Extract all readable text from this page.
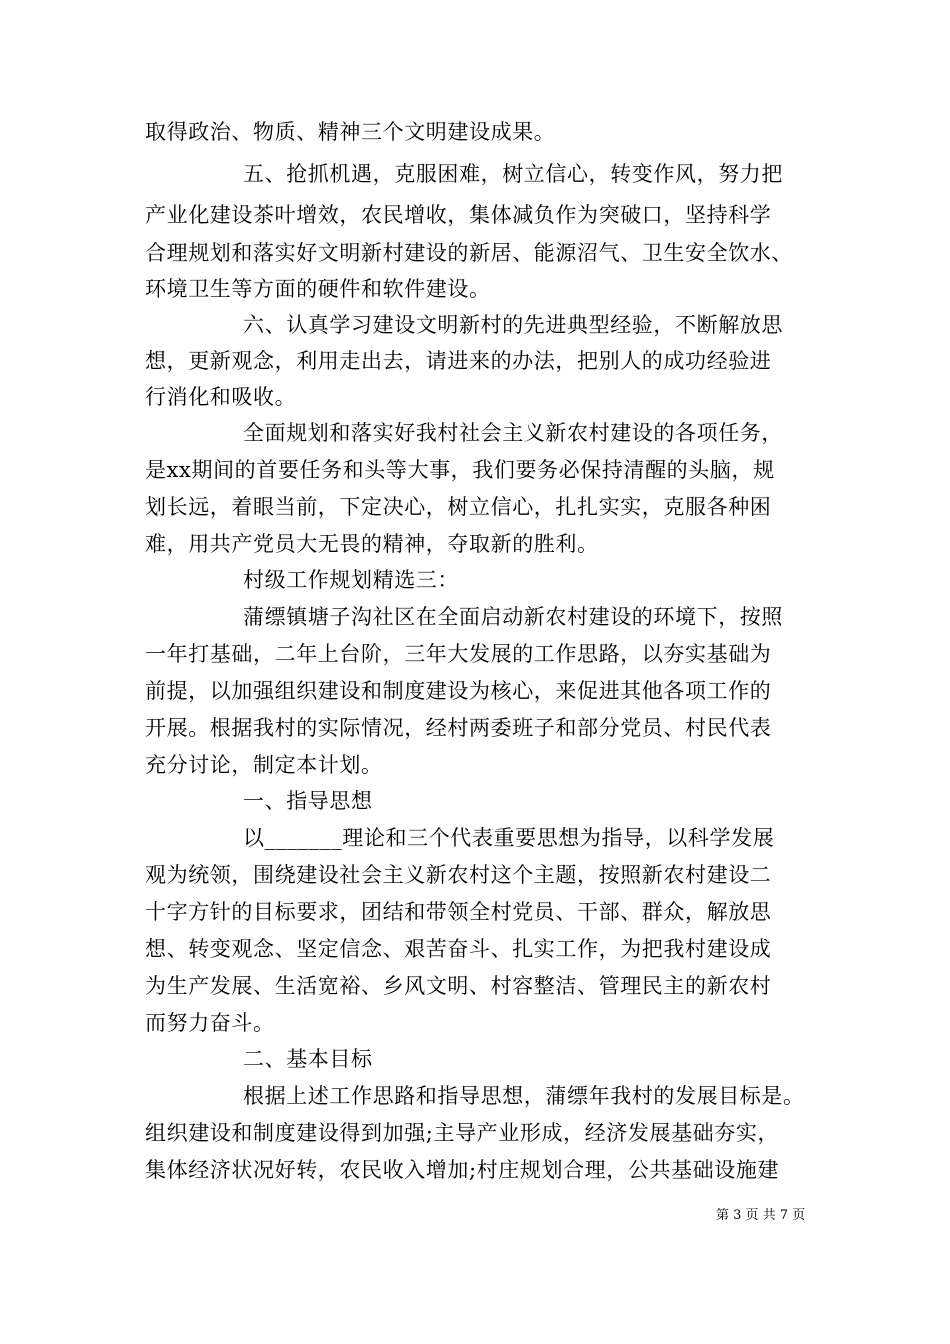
取得政治、物质、精神三个文明建设成果。
五、抢抓机遇，克服困难，树立信心，转变作风，努力把
产业化建设茶叶增效，农民增收，集体减负作为突破口，坚持科学
合理规划和落实好文明新村建设的新居、能源沼气、卫生安全饮水、
环境卫生等方面的硬件和软件建设。
六、认真学习建设文明新村的先进典型经验，不断解放思
想，更新观念，利用走出去，请进来的办法，把别人的成功经验进
行消化和吸收。
全面规划和落实好我村社会主义新农村建设的各项任务，
是xx期间的首要任务和头等大事，我们要务必保持清醒的头脑，规
划长远，着眼当前，下定决心，树立信心，扎扎实实，克服各种困
难，用共产党员大无畏的精神，夺取新的胜利。
村级工作规划精选三：
蒲缥镇塘子沟社区在全面启动新农村建设的环境下，按照
一年打基础，二年上台阶，三年大发展的工作思路，以夯实基础为
前提，以加强组织建设和制度建设为核心，来促进其他各项工作的
开展。根据我村的实际情况，经村两委班子和部分党员、村民代表
充分讨论，制定本计划。
一、指导思想
以_______理论和三个代表重要思想为指导，以科学发展
观为统领，围绕建设社会主义新农村这个主题，按照新农村建设二
十字方针的目标要求，团结和带领全村党员、干部、群众，解放思
想、转变观念、坚定信念、艰苦奋斗、扎实工作，为把我村建设成
为生产发展、生活宽裕、乡风文明、村容整洁、管理民主的新农村
而努力奋斗。
二、基本目标
根据上述工作思路和指导思想，蒲缥年我村的发展目标是。
组织建设和制度建设得到加强;主导产业形成，经济发展基础夯实，
集体经济状况好转，农民收入增加;村庄规划合理，公共基础设施建
第 3 页 共 7 页
